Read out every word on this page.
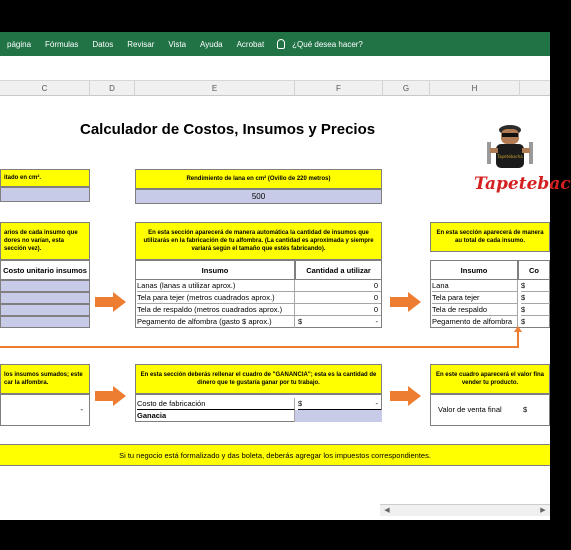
página	Fórmulas	Datos	Revisar	Vista	Ayuda	Acrobat	¿Qué desea hacer?
C	D	E	F	G	H
Calculador de Costos, Insumos y Precios
Tapetebacha
Tapetebac
itado en cm².	Rendimiento de lana en cm² (Ovillo de 220 metros)
500
arios de cada insumo que dores no varían, esta sección vez).
Costo unitario insumos
En esta sección aparecerá de manera automática la cantidad de insumos que utilizarás en la fabricación de tu alfombra. (La cantidad es aproximada y siempre variará según el tamaño que estés fabricando).
Insumo	Cantidad a utilizar
Lanas (lanas a utilizar aprox.)	0
Tela para tejer (metros cuadrados aprox.)	0
Tela de respaldo (metros cuadrados aprox.)	0
Pegamento de alfombra (gasto $ aprox.)	$	-
En esta sección aparecerá de manera au total de cada insumo.
Insumo	Co
Lana	$
Tela para tejer	$
Tela de respaldo	$
Pegamento de alfombra	$
los insumos sumados; este car la alfombra.
-
En esta sección deberás rellenar el cuadro de "GANANCIA"; esta es la cantidad de dinero que te gustaría ganar por tu trabajo.
Costo de fabricación	$	-
Ganacia
En este cuadro aparecerá el valor fina vender tu producto.
Valor de venta final	$
Si tu negocio está formalizado y das boleta, deberás agregar los impuestos correspondientes.
◀	▶
